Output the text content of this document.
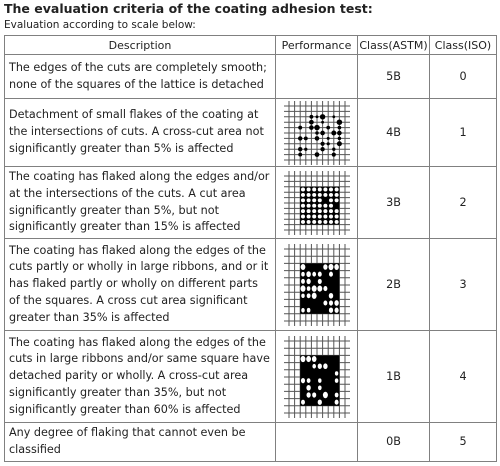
The evaluation criteria of the coating adhesion test:
Evaluation according to scale below:
Description	Performance	Class(ASTM)	Class(ISO)
The edges of the cuts are completely smooth; none of the squares of the lattice is detached		5B	0
Detachment of small flakes of the coating at the intersections of cuts. A cross-cut area not significantly greater than 5% is affected		4B	1
The coating has flaked along the edges and/or at the intersections of the cuts. A cut area significantly greater than 5%, but not significantly greater than 15% is affected		3B	2
The coating has flaked along the edges of the cuts partly or wholly in large ribbons, and or it has flaked partly or wholly on different parts of the squares. A cross cut area significant greater than 35% is affected		2B	3
The coating has flaked along the edges of the cuts in large ribbons and/or same square have detached parity or wholly. A cross-cut area significantly greater than 35%, but not significantly greater than 60% is affected		1B	4
Any degree of flaking that cannot even be classified		0B	5
